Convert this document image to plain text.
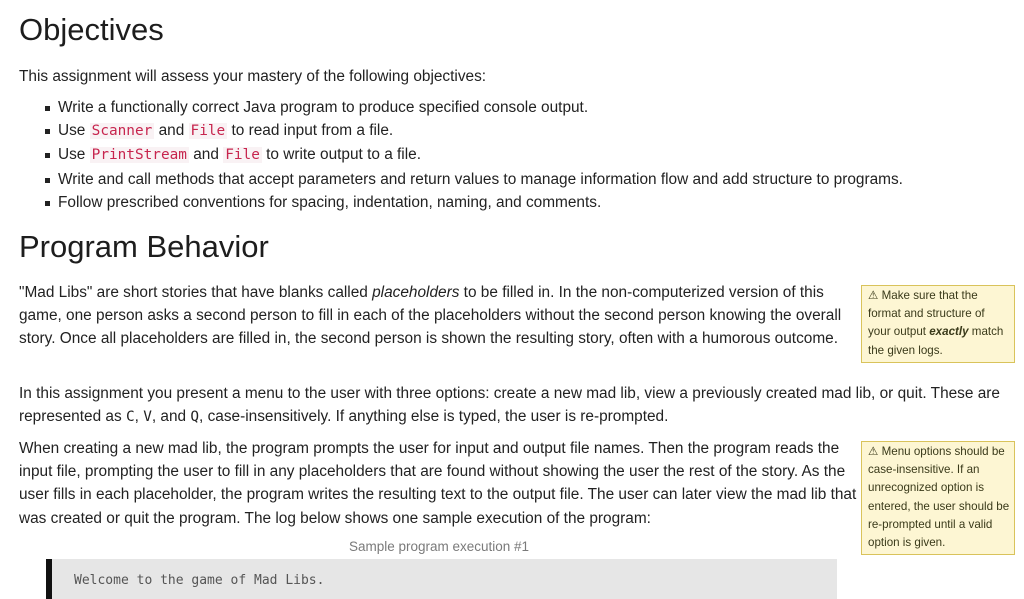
Objectives

This assignment will assess your mastery of the following objectives:

Write a functionally correct Java program to produce specified console output.
Use Scanner and File to read input from a file.
Use PrintStream and File to write output to a file.
Write and call methods that accept parameters and return values to manage information flow and add structure to programs.
Follow prescribed conventions for spacing, indentation, naming, and comments.
Program Behavior

"Mad Libs" are short stories that have blanks called placeholders to be filled in. In the non-computerized version of this game, one person asks a second person to fill in each of the placeholders without the second person knowing the overall story. Once all placeholders are filled in, the second person is shown the resulting story, often with a humorous outcome.

In this assignment you present a menu to the user with three options: create a new mad lib, view a previously created mad lib, or quit. These are represented as C, V, and Q, case-insensitively. If anything else is typed, the user is re-prompted.

When creating a new mad lib, the program prompts the user for input and output file names. Then the program reads the input file, prompting the user to fill in any placeholders that are found without showing the user the rest of the story. As the user fills in each placeholder, the program writes the resulting text to the output file. The user can later view the mad lib that was created or quit the program. The log below shows one sample execution of the program:

⚠ Make sure that the format and structure of your output exactly match the given logs.
⚠ Menu options should be case-insensitive. If an unrecognized option is entered, the user should be re-prompted until a valid option is given.
Sample program execution #1
Welcome to the game of Mad Libs.
